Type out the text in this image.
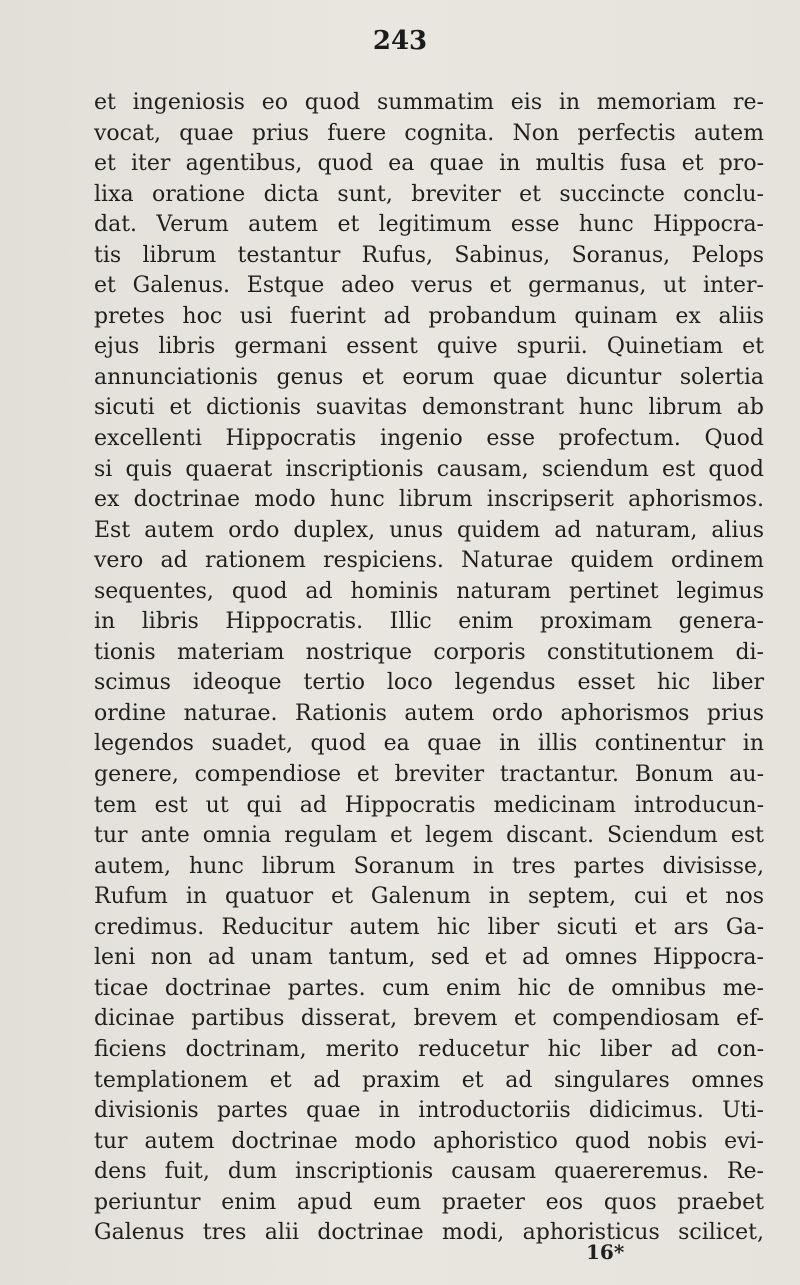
243
et ingeniosis eo quod summatim eis in memoriam re-
vocat, quae prius fuere cognita. Non perfectis autem
et iter agentibus, quod ea quae in multis fusa et pro-
lixa oratione dicta sunt, breviter et succincte conclu-
dat. Verum autem et legitimum esse hunc Hippocra-
tis librum testantur Rufus, Sabinus, Soranus, Pelops
et Galenus. Estque adeo verus et germanus, ut inter-
pretes hoc usi fuerint ad probandum quinam ex aliis
ejus libris germani essent quive spurii. Quinetiam et
annunciationis genus et eorum quae dicuntur solertia
sicuti et dictionis suavitas demonstrant hunc librum ab
excellenti Hippocratis ingenio esse profectum. Quod
si quis quaerat inscriptionis causam, sciendum est quod
ex doctrinae modo hunc librum inscripserit aphorismos.
Est autem ordo duplex, unus quidem ad naturam, alius
vero ad rationem respiciens. Naturae quidem ordinem
sequentes, quod ad hominis naturam pertinet legimus
in libris Hippocratis. Illic enim proximam genera-
tionis materiam nostrique corporis constitutionem di-
scimus ideoque tertio loco legendus esset hic liber
ordine naturae. Rationis autem ordo aphorismos prius
legendos suadet, quod ea quae in illis continentur in
genere, compendiose et breviter tractantur. Bonum au-
tem est ut qui ad Hippocratis medicinam introducun-
tur ante omnia regulam et legem discant. Sciendum est
autem, hunc librum Soranum in tres partes divisisse,
Rufum in quatuor et Galenum in septem, cui et nos
credimus. Reducitur autem hic liber sicuti et ars Ga-
leni non ad unam tantum, sed et ad omnes Hippocra-
ticae doctrinae partes. cum enim hic de omnibus me-
dicinae partibus disserat, brevem et compendiosam ef-
ficiens doctrinam, merito reducetur hic liber ad con-
templationem et ad praxim et ad singulares omnes
divisionis partes quae in introductoriis didicimus. Uti-
tur autem doctrinae modo aphoristico quod nobis evi-
dens fuit, dum inscriptionis causam quaereremus. Re-
periuntur enim apud eum praeter eos quos praebet
Galenus tres alii doctrinae modi, aphoristicus scilicet,
16*
